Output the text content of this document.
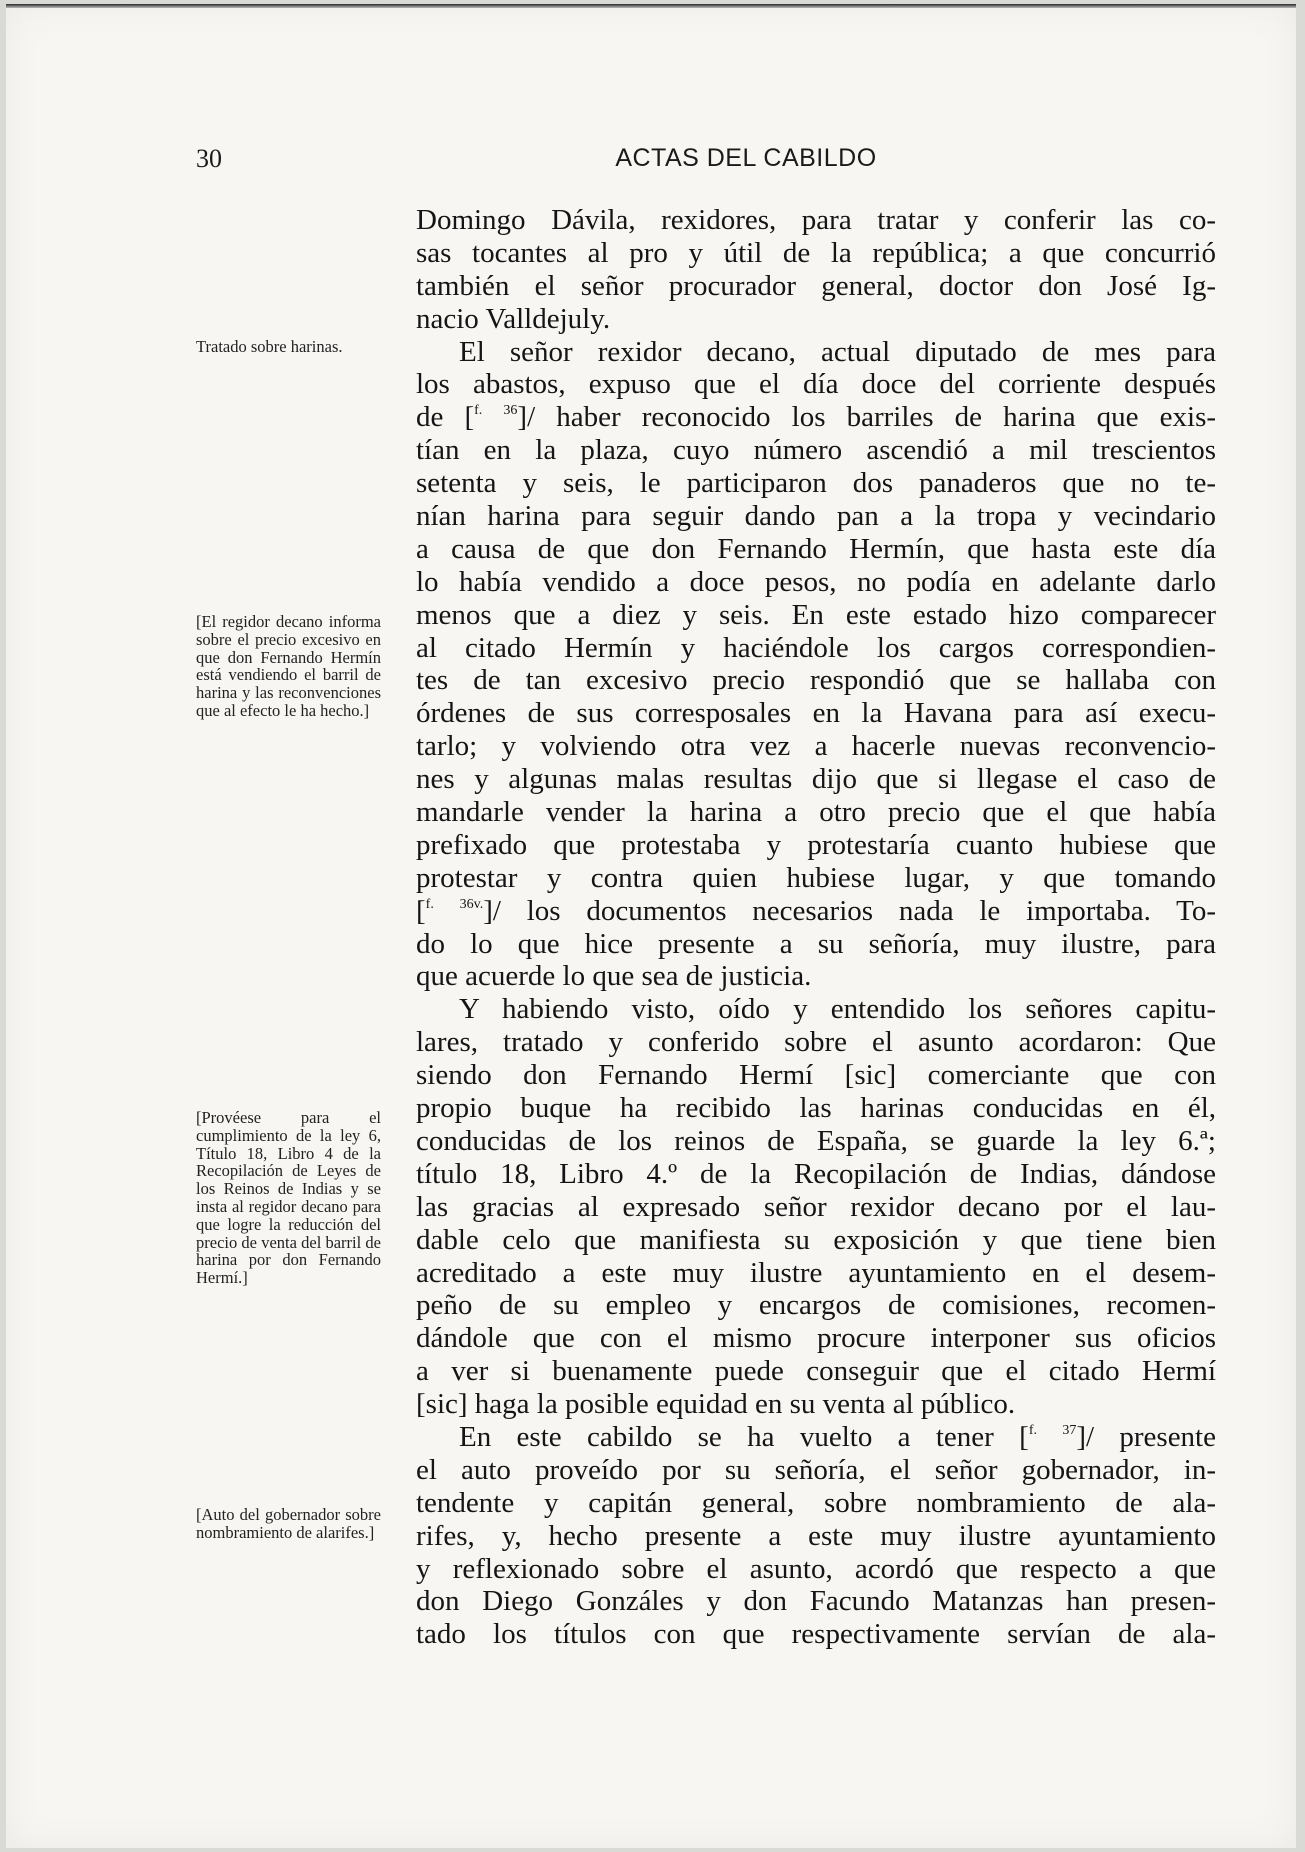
30	ACTAS DEL CABILDO
Tratado sobre harinas.
[El regidor decano informa sobre el precio excesivo en que don Fernando Hermín está vendiendo el barril de harina y las reconvenciones que al efecto le ha hecho.]
[Provéese para el cumplimiento de la ley 6, Título 18, Libro 4 de la Recopilación de Leyes de los Reinos de Indias y se insta al regidor decano para que logre la reducción del precio de venta del barril de harina por don Fernando Hermí.]
[Auto del gobernador sobre nombramiento de alarifes.]
Domingo Dávila, rexidores, para tratar y conferir las co-
sas tocantes al pro y útil de la república; a que concurrió
también el señor procurador general, doctor don José Ig-
nacio Valldejuly.
El señor rexidor decano, actual diputado de mes para
los abastos, expuso que el día doce del corriente después
de [$^{f.}$ $^{36}$]/ haber reconocido los barriles de harina que exis-
tían en la plaza, cuyo número ascendió a mil trescientos
setenta y seis, le participaron dos panaderos que no te-
nían harina para seguir dando pan a la tropa y vecindario
a causa de que don Fernando Hermín, que hasta este día
lo había vendido a doce pesos, no podía en adelante darlo
menos que a diez y seis. En este estado hizo comparecer
al citado Hermín y haciéndole los cargos correspondien-
tes de tan excesivo precio respondió que se hallaba con
órdenes de sus corresposales en la Havana para así execu-
tarlo; y volviendo otra vez a hacerle nuevas reconvencio-
nes y algunas malas resultas dijo que si llegase el caso de
mandarle vender la harina a otro precio que el que había
prefixado que protestaba y protestaría cuanto hubiese que
protestar y contra quien hubiese lugar, y que tomando
[$^{f.}$ $^{36v.}$]/ los documentos necesarios nada le importaba. To-
do lo que hice presente a su señoría, muy ilustre, para
que acuerde lo que sea de justicia.
Y habiendo visto, oído y entendido los señores capitu-
lares, tratado y conferido sobre el asunto acordaron: Que
siendo don Fernando Hermí [sic] comerciante que con
propio buque ha recibido las harinas conducidas en él,
conducidas de los reinos de España, se guarde la ley 6.ª;
título 18, Libro 4.º de la Recopilación de Indias, dándose
las gracias al expresado señor rexidor decano por el lau-
dable celo que manifiesta su exposición y que tiene bien
acreditado a este muy ilustre ayuntamiento en el desem-
peño de su empleo y encargos de comisiones, recomen-
dándole que con el mismo procure interponer sus oficios
a ver si buenamente puede conseguir que el citado Hermí
[sic] haga la posible equidad en su venta al público.
En este cabildo se ha vuelto a tener [$^{f.}$ $^{37}$]/ presente
el auto proveído por su señoría, el señor gobernador, in-
tendente y capitán general, sobre nombramiento de ala-
rifes, y, hecho presente a este muy ilustre ayuntamiento
y reflexionado sobre el asunto, acordó que respecto a que
don Diego Gonzáles y don Facundo Matanzas han presen-
tado los títulos con que respectivamente servían de ala-
